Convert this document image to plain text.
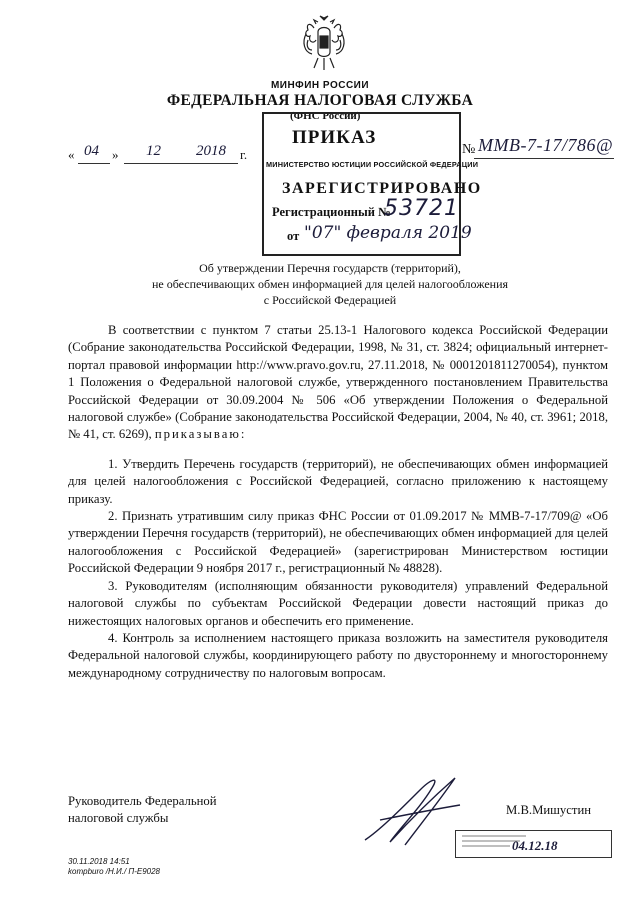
МИНФИН РОССИИ
ФЕДЕРАЛЬНАЯ НАЛОГОВАЯ СЛУЖБА
(ФНС России)
ПРИКАЗ
МИНИСТЕРСТВО ЮСТИЦИИ РОССИЙСКОЙ ФЕДЕРАЦИИ
ЗАРЕГИСТРИРОВАНО
Регистрационный №
53721
от "07" февраля 2019
« 04 » 12 2018 г.	№ ММВ-7-17/786@
Об утверждении Перечня государств (территорий),
не обеспечивающих обмен информацией для целей налогообложения
с Российской Федерацией

В соответствии с пунктом 7 статьи 25.13-1 Налогового кодекса Российской Федерации (Собрание законодательства Российской Федерации, 1998, № 31, ст. 3824; официальный интернет-портал правовой информации http://www.pravo.gov.ru, 27.11.2018, № 0001201811270054), пунктом 1 Положения о Федеральной налоговой службе, утвержденного постановлением Правительства Российской Федерации от 30.09.2004 № 506 «Об утверждении Положения о Федеральной налоговой службе» (Собрание законодательства Российской Федерации, 2004, № 40, ст. 3961; 2018, № 41, ст. 6269), приказываю:

1. Утвердить Перечень государств (территорий), не обеспечивающих обмен информацией для целей налогообложения с Российской Федерацией, согласно приложению к настоящему приказу.

2. Признать утратившим силу приказ ФНС России от 01.09.2017 № ММВ-7-17/709@ «Об утверждении Перечня государств (территорий), не обеспечивающих обмен информацией для целей налогообложения с Российской Федерацией» (зарегистрирован Министерством юстиции Российской Федерации 9 ноября 2017 г., регистрационный № 48828).

3. Руководителям (исполняющим обязанности руководителя) управлений Федеральной налоговой службы по субъектам Российской Федерации довести настоящий приказ до нижестоящих налоговых органов и обеспечить его применение.

4. Контроль за исполнением настоящего приказа возложить на заместителя руководителя Федеральной налоговой службы, координирующего работу по двустороннему и многостороннему международному сотрудничеству по налоговым вопросам.

Руководитель Федеральной
налоговой службы
М.В.Мишустин
04.12.18
30.11.2018 14:51
kompburo /Н.И./ П-Е9028
